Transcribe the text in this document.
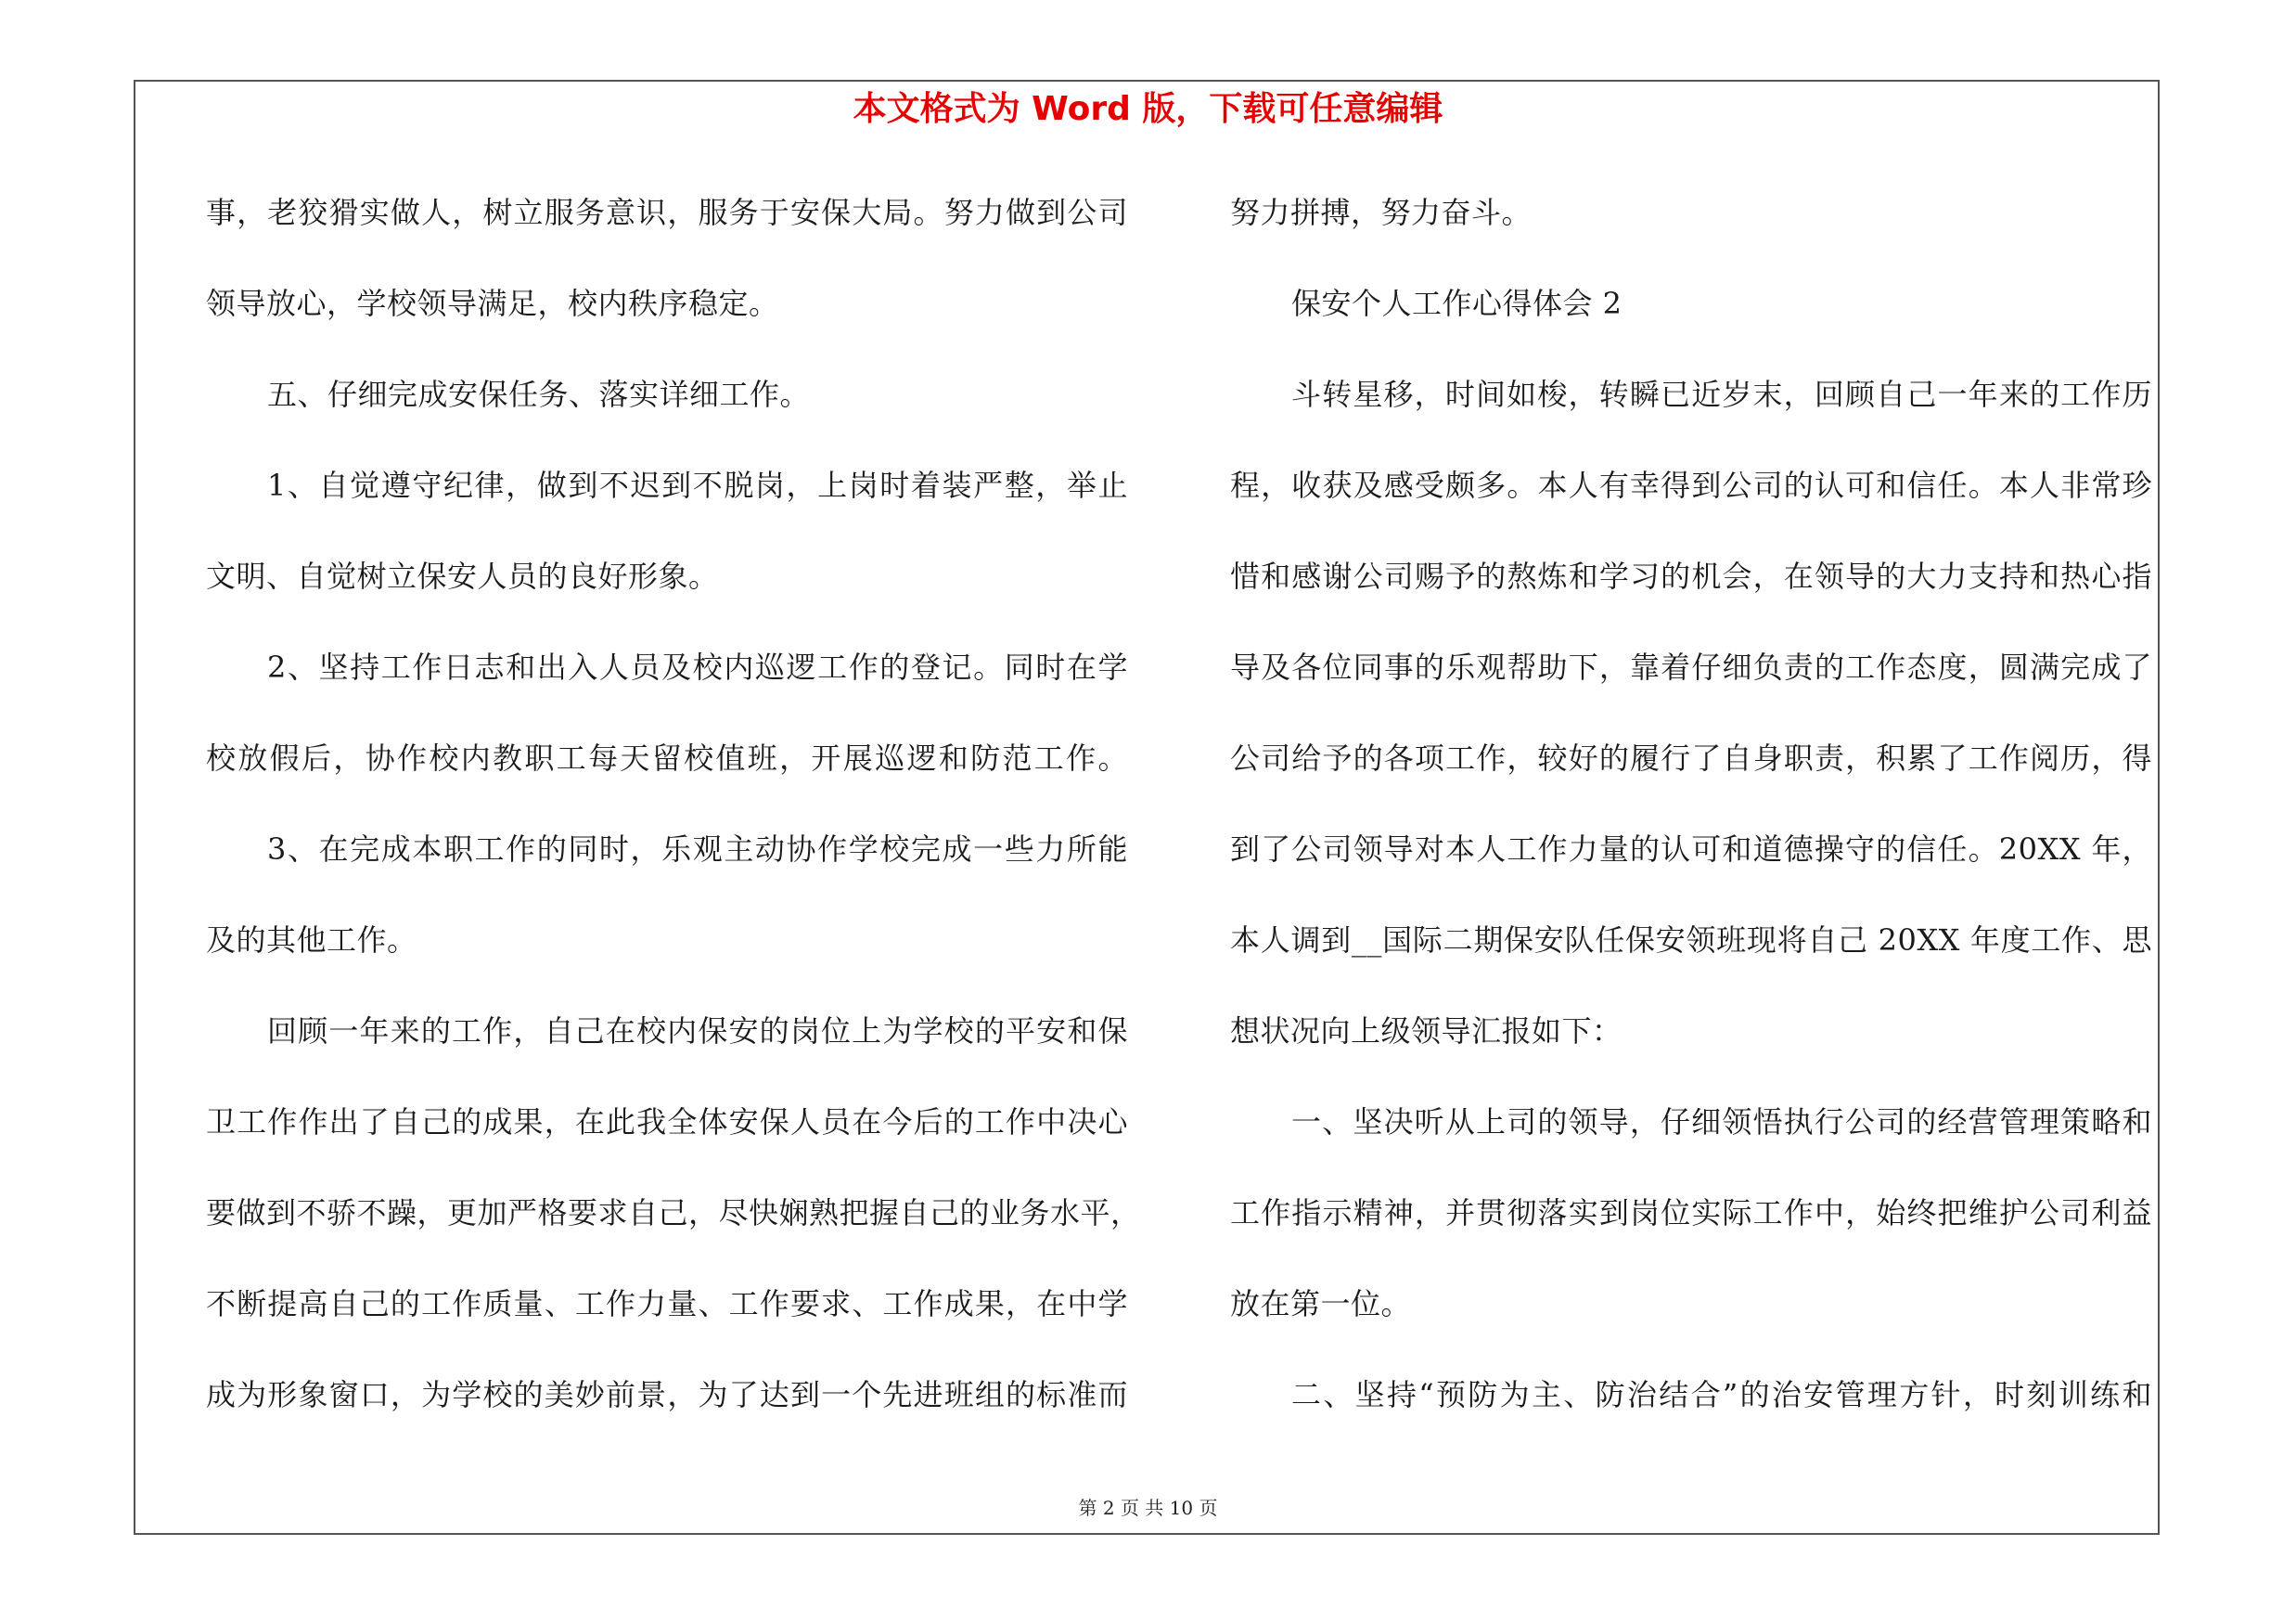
本文格式为 Word 版，下载可任意编辑
事，老狡猾实做人，树立服务意识，服务于安保大局。努力做到公司
领导放心，学校领导满足，校内秩序稳定。
五、仔细完成安保任务、落实详细工作。
1、自觉遵守纪律，做到不迟到不脱岗，上岗时着装严整，举止
文明、自觉树立保安人员的良好形象。
2、坚持工作日志和出入人员及校内巡逻工作的登记。同时在学
校放假后，协作校内教职工每天留校值班，开展巡逻和防范工作。
3、在完成本职工作的同时，乐观主动协作学校完成一些力所能
及的其他工作。
回顾一年来的工作，自己在校内保安的岗位上为学校的平安和保
卫工作作出了自己的成果，在此我全体安保人员在今后的工作中决心
要做到不骄不躁，更加严格要求自己，尽快娴熟把握自己的业务水平，
不断提高自己的工作质量、工作力量、工作要求、工作成果，在中学
成为形象窗口，为学校的美妙前景，为了达到一个先进班组的标准而
努力拼搏，努力奋斗。
保安个人工作心得体会 2
斗转星移，时间如梭，转瞬已近岁末，回顾自己一年来的工作历
程，收获及感受颇多。本人有幸得到公司的认可和信任。本人非常珍
惜和感谢公司赐予的熬炼和学习的机会，在领导的大力支持和热心指
导及各位同事的乐观帮助下，靠着仔细负责的工作态度，圆满完成了
公司给予的各项工作，较好的履行了自身职责，积累了工作阅历，得
到了公司领导对本人工作力量的认可和道德操守的信任。20XX 年，
本人调到__国际二期保安队任保安领班现将自己 20XX 年度工作、思
想状况向上级领导汇报如下：
一、坚决听从上司的领导，仔细领悟执行公司的经营管理策略和
工作指示精神，并贯彻落实到岗位实际工作中，始终把维护公司利益
放在第一位。
二、坚持“预防为主、防治结合”的治安管理方针，时刻训练和
第 2 页 共 10 页
